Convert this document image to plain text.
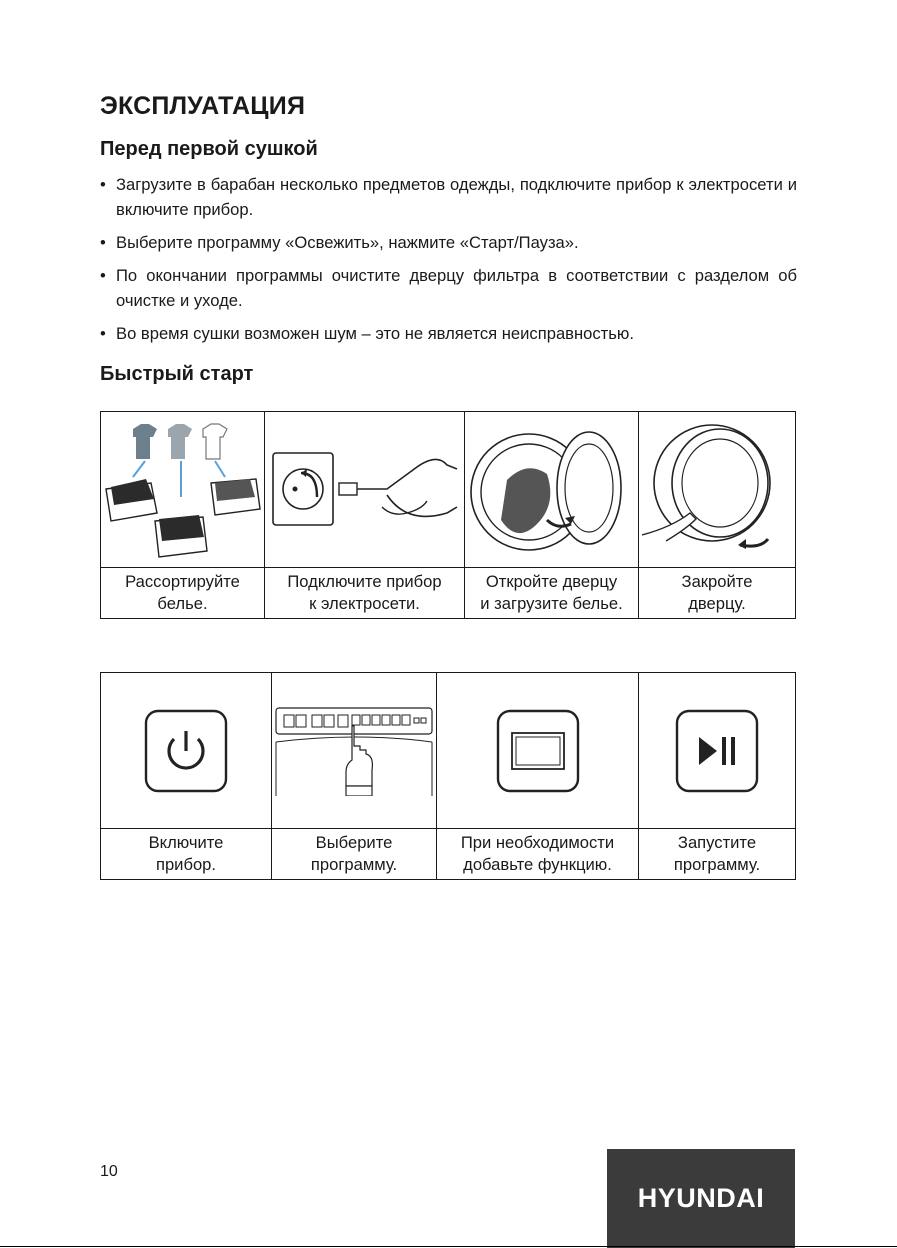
ЭКСПЛУАТАЦИЯ
Перед первой сушкой
• Загрузите в барабан несколько предметов одежды, подключите прибор к электросети и включите прибор.
• Выберите программу «Освежить», нажмите «Старт/Пауза».
• По окончании программы очистите дверцу фильтра в соответствии с разделом об очистке и уходе.
• Во время сушки возможен шум – это не является неисправностью.
Быстрый старт

Рассортируйте
белье.	Подключите прибор
к электросети.	Откройте дверцу
и загрузите белье.	Закройте
дверцу.

Включите
прибор.	Выберите
программу.	При необходимости
добавьте функцию.	Запустите
программу.
10
HYUNDAI
